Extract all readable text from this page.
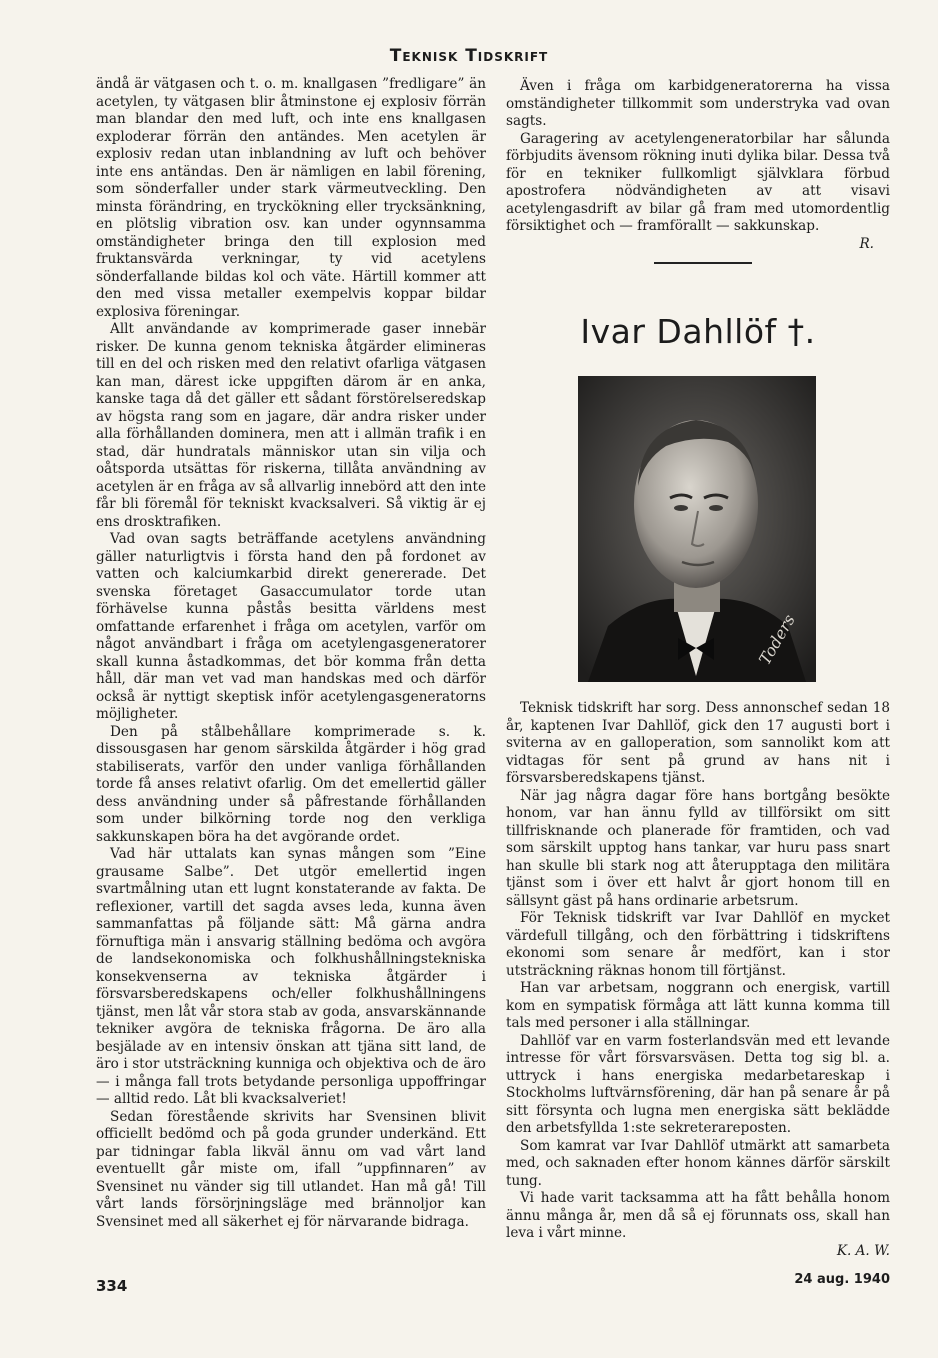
Teknisk Tidskrift

ändå är vätgasen och t. o. m. knallgasen ”fredligare” än acetylen, ty vätgasen blir åtminstone ej explosiv förrän man blandar den med luft, och inte ens knallgasen exploderar förrän den antändes. Men acetylen är explosiv redan utan inblandning av luft och behöver inte ens antändas. Den är nämligen en labil förening, som sönderfaller under stark värmeutveckling. Den minsta förändring, en tryckökning eller trycksänkning, en plötslig vibration osv. kan under ogynnsamma omständigheter bringa den till explosion med fruktansvärda verkningar, ty vid acetylens sönderfallande bildas kol och väte. Härtill kommer att den med vissa metaller exempelvis koppar bildar explosiva föreningar.

Allt användande av komprimerade gaser innebär risker. De kunna genom tekniska åtgärder elimineras till en del och risken med den relativt ofarliga vätgasen kan man, därest icke uppgiften därom är en anka, kanske taga då det gäller ett sådant förstörelseredskap av högsta rang som en jagare, där andra risker under alla förhållanden dominera, men att i allmän trafik i en stad, där hundratals människor utan sin vilja och oåtsporda utsättas för riskerna, tillåta användning av acetylen är en fråga av så allvarlig innebörd att den inte får bli föremål för tekniskt kvacksalveri. Så viktig är ej ens drosktrafiken.

Vad ovan sagts beträffande acetylens användning gäller naturligtvis i första hand den på fordonet av vatten och kalciumkarbid direkt genererade. Det svenska företaget Gasaccumulator torde utan förhävelse kunna påstås besitta världens mest omfattande erfarenhet i fråga om acetylen, varför om något användbart i fråga om acetylengasgeneratorer skall kunna åstadkommas, det bör komma från detta håll, där man vet vad man handskas med och därför också är nyttigt skeptisk inför acetylengasgeneratorns möjligheter.

Den på stålbehållare komprimerade s. k. dissousgasen har genom särskilda åtgärder i hög grad stabiliserats, varför den under vanliga förhållanden torde få anses relativt ofarlig. Om det emellertid gäller dess användning under så påfrestande förhållanden som under bilkörning torde nog den verkliga sakkunskapen böra ha det avgörande ordet.

Vad här uttalats kan synas mången som ”Eine grausame Salbe”. Det utgör emellertid ingen svartmålning utan ett lugnt konstaterande av fakta. De reflexioner, vartill det sagda avses leda, kunna även sammanfattas på följande sätt: Må gärna andra förnuftiga män i ansvarig ställning bedöma och avgöra de landsekonomiska och folkhushållningstekniska konsekvenserna av tekniska åtgärder i försvarsberedskapens och/eller folkhushållningens tjänst, men låt vår stora stab av goda, ansvarskännande tekniker avgöra de tekniska frågorna. De äro alla besjälade av en intensiv önskan att tjäna sitt land, de äro i stor utsträckning kunniga och objektiva och de äro — i många fall trots betydande personliga uppoffringar — alltid redo. Låt bli kvacksalveriet!

Sedan förestående skrivits har Svensinen blivit officiellt bedömd och på goda grunder underkänd. Ett par tidningar fabla likväl ännu om vad vårt land eventuellt går miste om, ifall ”uppfinnaren” av Svensinet nu vänder sig till utlandet. Han må gå! Till vårt lands försörjningsläge med brännoljor kan Svensinet med all säkerhet ej för närvarande bidraga.

Även i fråga om karbidgeneratorerna ha vissa omständigheter tillkommit som understryka vad ovan sagts.

Garagering av acetylengeneratorbilar har sålunda förbjudits ävensom rökning inuti dylika bilar. Dessa två för en tekniker fullkomligt självklara förbud apostrofera nödvändigheten av att visavi acetylengasdrift av bilar gå fram med utomordentlig försiktighet och — framförallt — sakkunskap.

R.
Ivar Dahllöf †.
Toders

Teknisk tidskrift har sorg. Dess annonschef sedan 18 år, kaptenen Ivar Dahllöf, gick den 17 augusti bort i sviterna av en galloperation, som sannolikt kom att vidtagas för sent på grund av hans nit i försvarsberedskapens tjänst.

När jag några dagar före hans bortgång besökte honom, var han ännu fylld av tillförsikt om sitt tillfrisknande och planerade för framtiden, och vad som särskilt upptog hans tankar, var huru pass snart han skulle bli stark nog att återupptaga den militära tjänst som i över ett halvt år gjort honom till en sällsynt gäst på hans ordinarie arbetsrum.

För Teknisk tidskrift var Ivar Dahllöf en mycket värdefull tillgång, och den förbättring i tidskriftens ekonomi som senare år medfört, kan i stor utsträckning räknas honom till förtjänst.

Han var arbetsam, noggrann och energisk, vartill kom en sympatisk förmåga att lätt kunna komma till tals med personer i alla ställningar.

Dahllöf var en varm fosterlandsvän med ett levande intresse för vårt försvarsväsen. Detta tog sig bl. a. uttryck i hans energiska medarbetareskap i Stockholms luftvärnsförening, där han på senare år på sitt försynta och lugna men energiska sätt beklädde den arbetsfyllda 1:ste sekreterareposten.

Som kamrat var Ivar Dahllöf utmärkt att samarbeta med, och saknaden efter honom kännes därför särskilt tung.

Vi hade varit tacksamma att ha fått behålla honom ännu många år, men då så ej förunnats oss, skall han leva i vårt minne.

K. A. W.
334	24 aug. 1940
